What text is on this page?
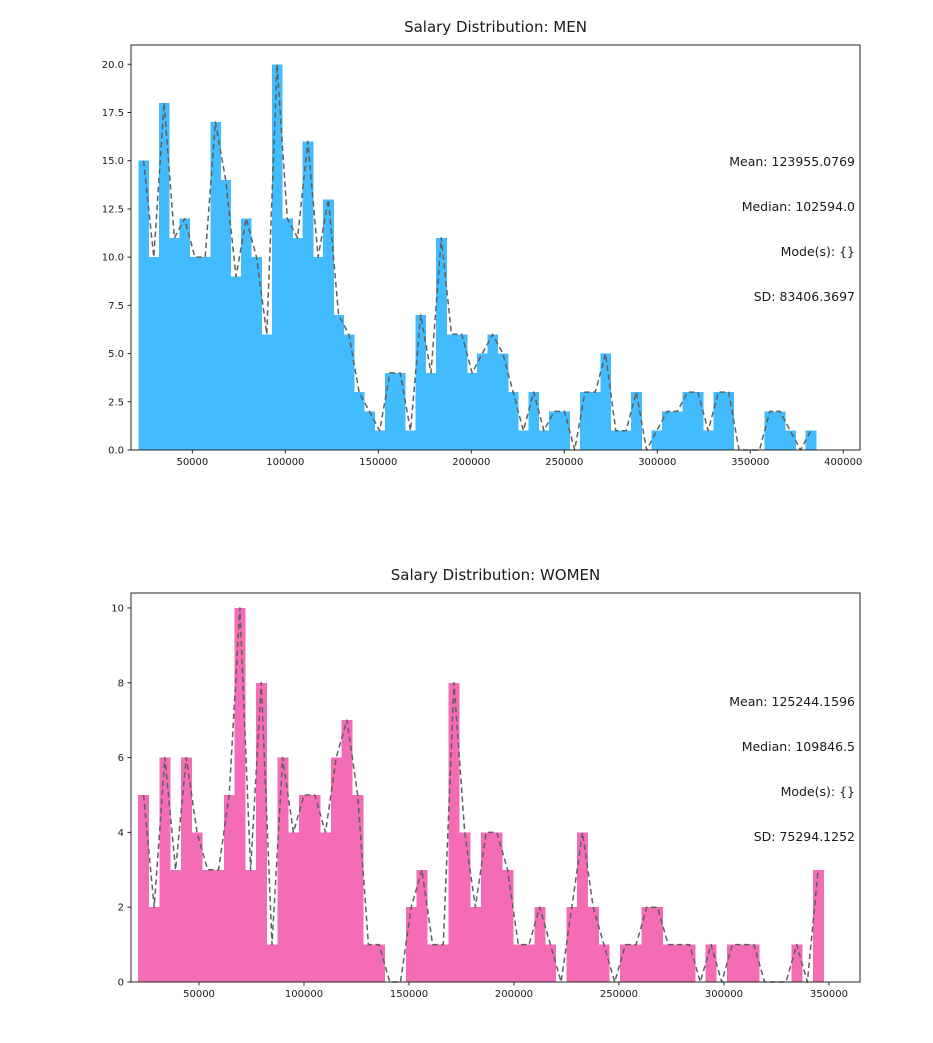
50000	100000	150000	200000	250000	300000	350000	400000
0.0
2.5
5.0
7.5
10.0
12.5
15.0
17.5
20.0
50000	100000	150000	200000	250000	300000	350000
0
2
4
6
8
10
Salary Distribution: MEN

Mean: 123955.0769

Median: 102594.0

Mode(s): {}

SD: 83406.3697

Salary Distribution: WOMEN

Mean: 125244.1596

Median: 109846.5

Mode(s): {}

SD: 75294.1252
